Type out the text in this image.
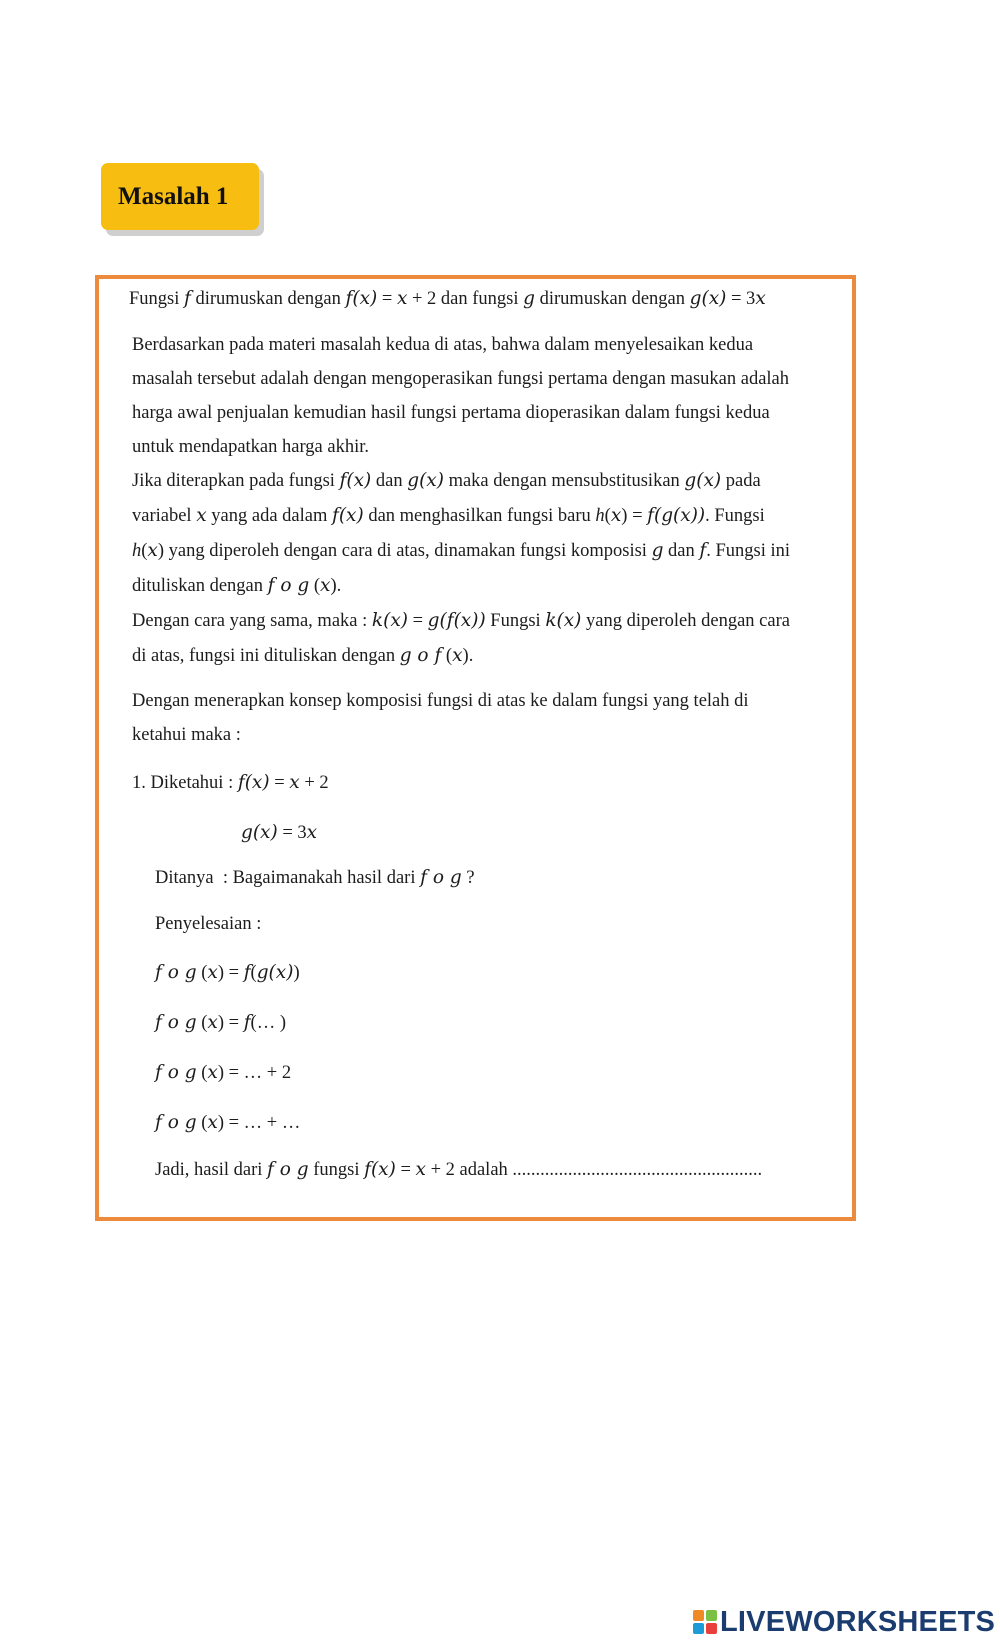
Masalah 1
Fungsi f dirumuskan dengan f(x) = x + 2 dan fungsi g dirumuskan dengan g(x) = 3x
Berdasarkan pada materi masalah kedua di atas, bahwa dalam menyelesaikan kedua
masalah tersebut adalah dengan mengoperasikan fungsi pertama dengan masukan adalah
harga awal penjualan kemudian hasil fungsi pertama dioperasikan dalam fungsi kedua
untuk mendapatkan harga akhir.
Jika diterapkan pada fungsi f(x) dan g(x) maka dengan mensubstitusikan g(x) pada
variabel x yang ada dalam f(x) dan menghasilkan fungsi baru h(x) = f(g(x)). Fungsi
h(x) yang diperoleh dengan cara di atas, dinamakan fungsi komposisi g dan f. Fungsi ini
dituliskan dengan f o g (x).
Dengan cara yang sama, maka : k(x) = g(f(x)) Fungsi k(x) yang diperoleh dengan cara
di atas, fungsi ini dituliskan dengan g o f (x).
Dengan menerapkan konsep komposisi fungsi di atas ke dalam fungsi yang telah di
ketahui maka :
1. Diketahui : f(x) = x + 2
g(x) = 3x
Ditanya  : Bagaimanakah hasil dari f o g ?
Penyelesaian :
f o g (x) = f(g(x))
f o g (x) = f(… )
f o g (x) = … + 2
f o g (x) = … + …
Jadi, hasil dari f o g fungsi f(x) = x + 2 adalah ......................................................
LIVEWORKSHEETS
